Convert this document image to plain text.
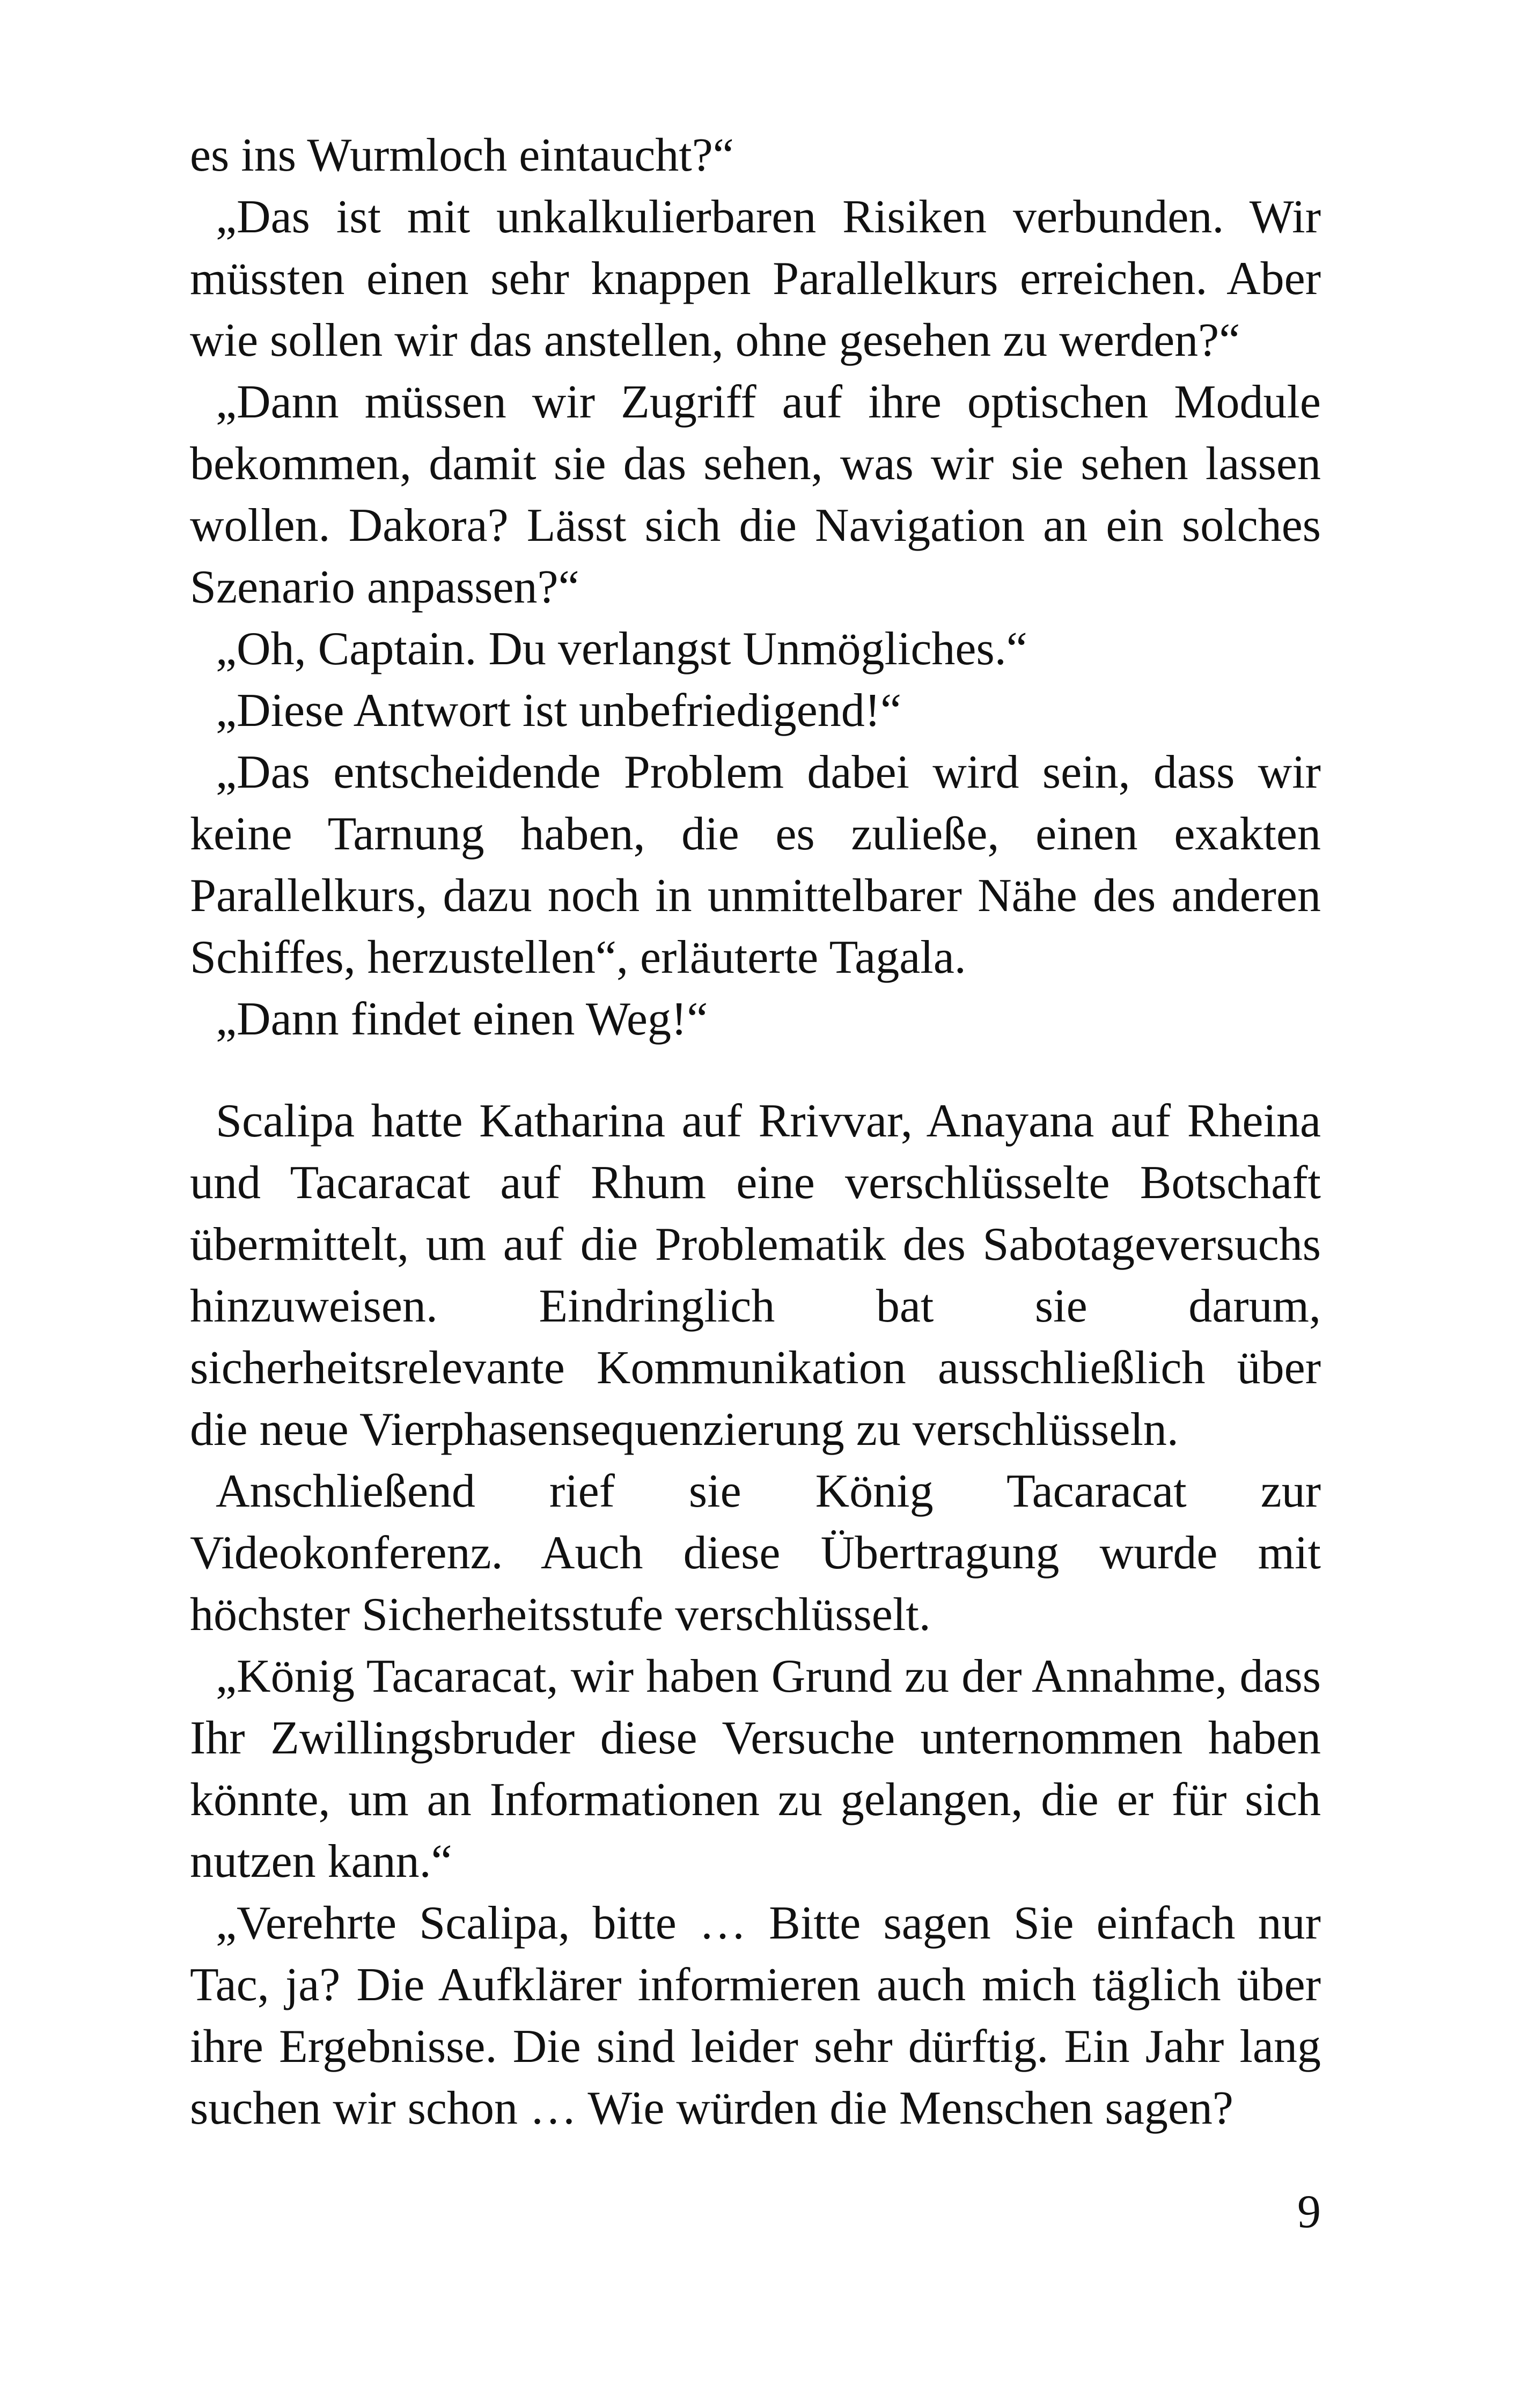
es ins Wurmloch eintaucht?“

„Das ist mit unkalkulierbaren Risiken verbunden. Wir müssten einen sehr knappen Parallelkurs erreichen. Aber wie sollen wir das anstellen, ohne gesehen zu werden?“

„Dann müssen wir Zugriff auf ihre optischen Module bekommen, damit sie das sehen, was wir sie sehen lassen wollen. Dakora? Lässt sich die Navigation an ein solches Szenario anpassen?“

„Oh, Captain. Du verlangst Unmögliches.“

„Diese Antwort ist unbefriedigend!“

„Das entscheidende Problem dabei wird sein, dass wir keine Tarnung haben, die es zuließe, einen exakten Parallelkurs, dazu noch in unmittelbarer Nähe des anderen Schiffes, herzustellen“, erläuterte Tagala.

„Dann findet einen Weg!“

Scalipa hatte Katharina auf Rrivvar, Anayana auf Rheina und Tacaracat auf Rhum eine verschlüsselte Botschaft übermittelt, um auf die Problematik des Sabotageversuchs hinzuweisen. Eindringlich bat sie darum, sicherheitsrelevante Kommunikation ausschließlich über die neue Vierphasensequenzierung zu verschlüsseln.

Anschließend rief sie König Tacaracat zur Videokonferenz. Auch diese Übertragung wurde mit höchster Sicherheitsstufe verschlüsselt.

„König Tacaracat, wir haben Grund zu der Annahme, dass Ihr Zwillingsbruder diese Versuche unternommen haben könnte, um an Informationen zu gelangen, die er für sich nutzen kann.“

„Verehrte Scalipa, bitte … Bitte sagen Sie einfach nur Tac, ja? Die Aufklärer informieren auch mich täglich über ihre Ergebnisse. Die sind leider sehr dürftig. Ein Jahr lang suchen wir schon … Wie würden die Menschen sagen?

9
